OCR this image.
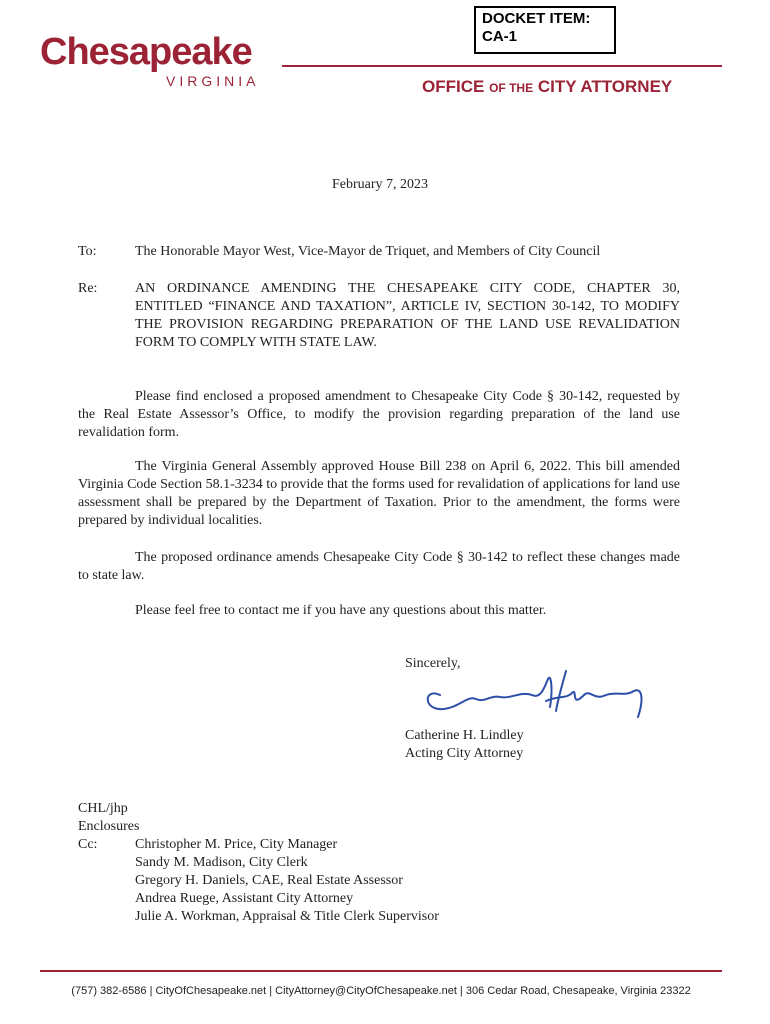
DOCKET ITEM:
CA-1
Chesapeake
VIRGINIA	OFFICE OF THE CITY ATTORNEY
February 7, 2023
To:	The Honorable Mayor West, Vice-Mayor de Triquet, and Members of City Council
Re:	AN ORDINANCE AMENDING THE CHESAPEAKE CITY CODE, CHAPTER 30, ENTITLED “FINANCE AND TAXATION”, ARTICLE IV, SECTION 30-142, TO MODIFY THE PROVISION REGARDING PREPARATION OF THE LAND USE REVALIDATION FORM TO COMPLY WITH STATE LAW.
Please find enclosed a proposed amendment to Chesapeake City Code § 30-142, requested by the Real Estate Assessor’s Office, to modify the provision regarding preparation of the land use revalidation form.
The Virginia General Assembly approved House Bill 238 on April 6, 2022. This bill amended Virginia Code Section 58.1-3234 to provide that the forms used for revalidation of applications for land use assessment shall be prepared by the Department of Taxation. Prior to the amendment, the forms were prepared by individual localities.
The proposed ordinance amends Chesapeake City Code § 30-142 to reflect these changes made to state law.
Please feel free to contact me if you have any questions about this matter.
Sincerely,
Catherine H. Lindley
Acting City Attorney
CHL/jhp
Enclosures
Cc:	Christopher M. Price, City Manager
Sandy M. Madison, City Clerk
Gregory H. Daniels, CAE, Real Estate Assessor
Andrea Ruege, Assistant City Attorney
Julie A. Workman, Appraisal & Title Clerk Supervisor
(757) 382-6586 | CityOfChesapeake.net | CityAttorney@CityOfChesapeake.net | 306 Cedar Road, Chesapeake, Virginia 23322
